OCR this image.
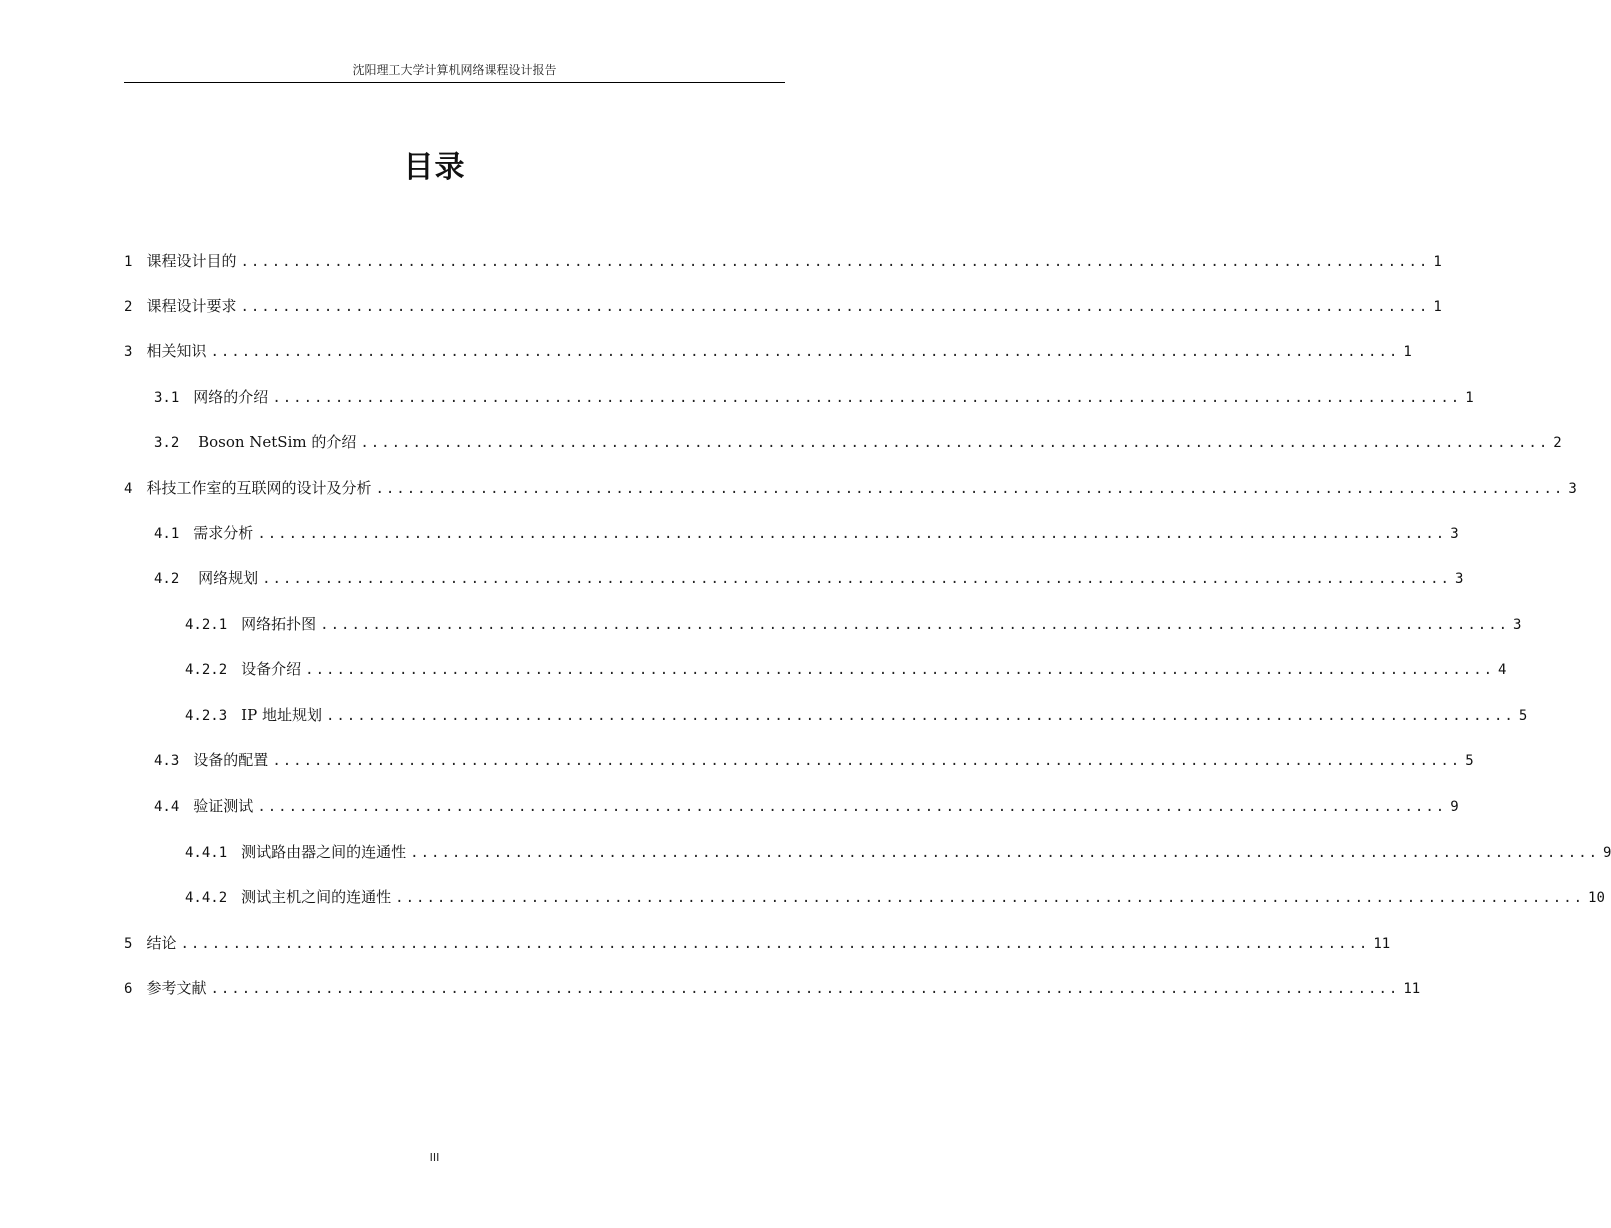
沈阳理工大学计算机网络课程设计报告
目录
1 课程设计目的 .................................................................................................................. 1
2 课程设计要求 .................................................................................................................. 1
3 相关知识 .................................................................................................................. 1
3.1 网络的介绍 .................................................................................................................. 1
3.2 Boson NetSim 的介绍 .................................................................................................................. 2
4 科技工作室的互联网的设计及分析 .................................................................................................................. 3
4.1 需求分析 .................................................................................................................. 3
4.2 网络规划 .................................................................................................................. 3
4.2.1 网络拓扑图 .................................................................................................................. 3
4.2.2 设备介绍 .................................................................................................................. 4
4.2.3 IP 地址规划 .................................................................................................................. 5
4.3 设备的配置 .................................................................................................................. 5
4.4 验证测试 .................................................................................................................. 9
4.4.1 测试路由器之间的连通性 .................................................................................................................. 9
4.4.2 测试主机之间的连通性 .................................................................................................................. 10
5 结论 .................................................................................................................. 11
6 参考文献 .................................................................................................................. 11
III
